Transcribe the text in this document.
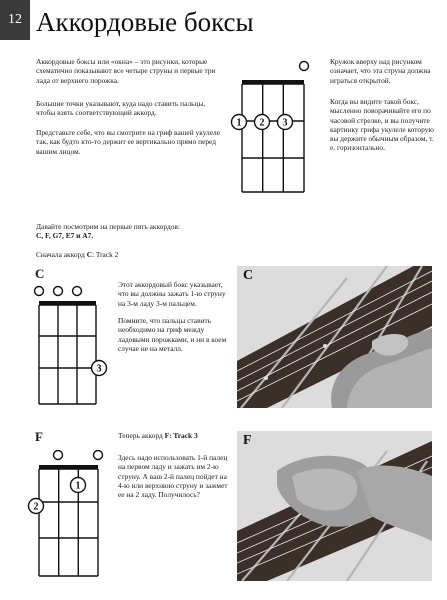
12 Аккордовые боксы
Аккордовые боксы или «окна» – это рисунки, которые схематично показывают все четыре струны и первые три лада от верхнего порожка.
Большие точки указывают, куда надо ставить пальцы, чтобы взять соответствующий аккорд.
Представьте себе, что вы смотрите на гриф вашей укулеле так, как будто кто-то держит ее вертикально прямо перед вашим лицом.
1 2 3
Кружок вверху над рисунком означает, что эта струна должна играться открытой.
Когда вы видите такой бокс, мысленно поворачивайте его по часовой стрелке, и вы получите картинку грифа укулеле которую вы держите обычным образом, т. е. горизонтально.
Давайте посмотрим на первые пять аккордов:
C, F, G7, E7 и A7.
Сначала аккорд C: Track 2
C
3
Этот аккордовый бокс указывает, что вы должны зажать 1-ю струну на 3-м ладу 3-м пальцем.
Помните, что пальцы ставить необходимо на гриф между ладовыми порожками, и ни в коем случае не на металл.
C
F
1
2
Теперь аккорд F: Track 3
Здесь надо использовать 1-й палец на первом ладу и зажать им 2-ю струну. А ваш 2-й палец пойдет на 4-ю или верхнюю струну и зажмет ее на 2 ладу. Получилось?
F
